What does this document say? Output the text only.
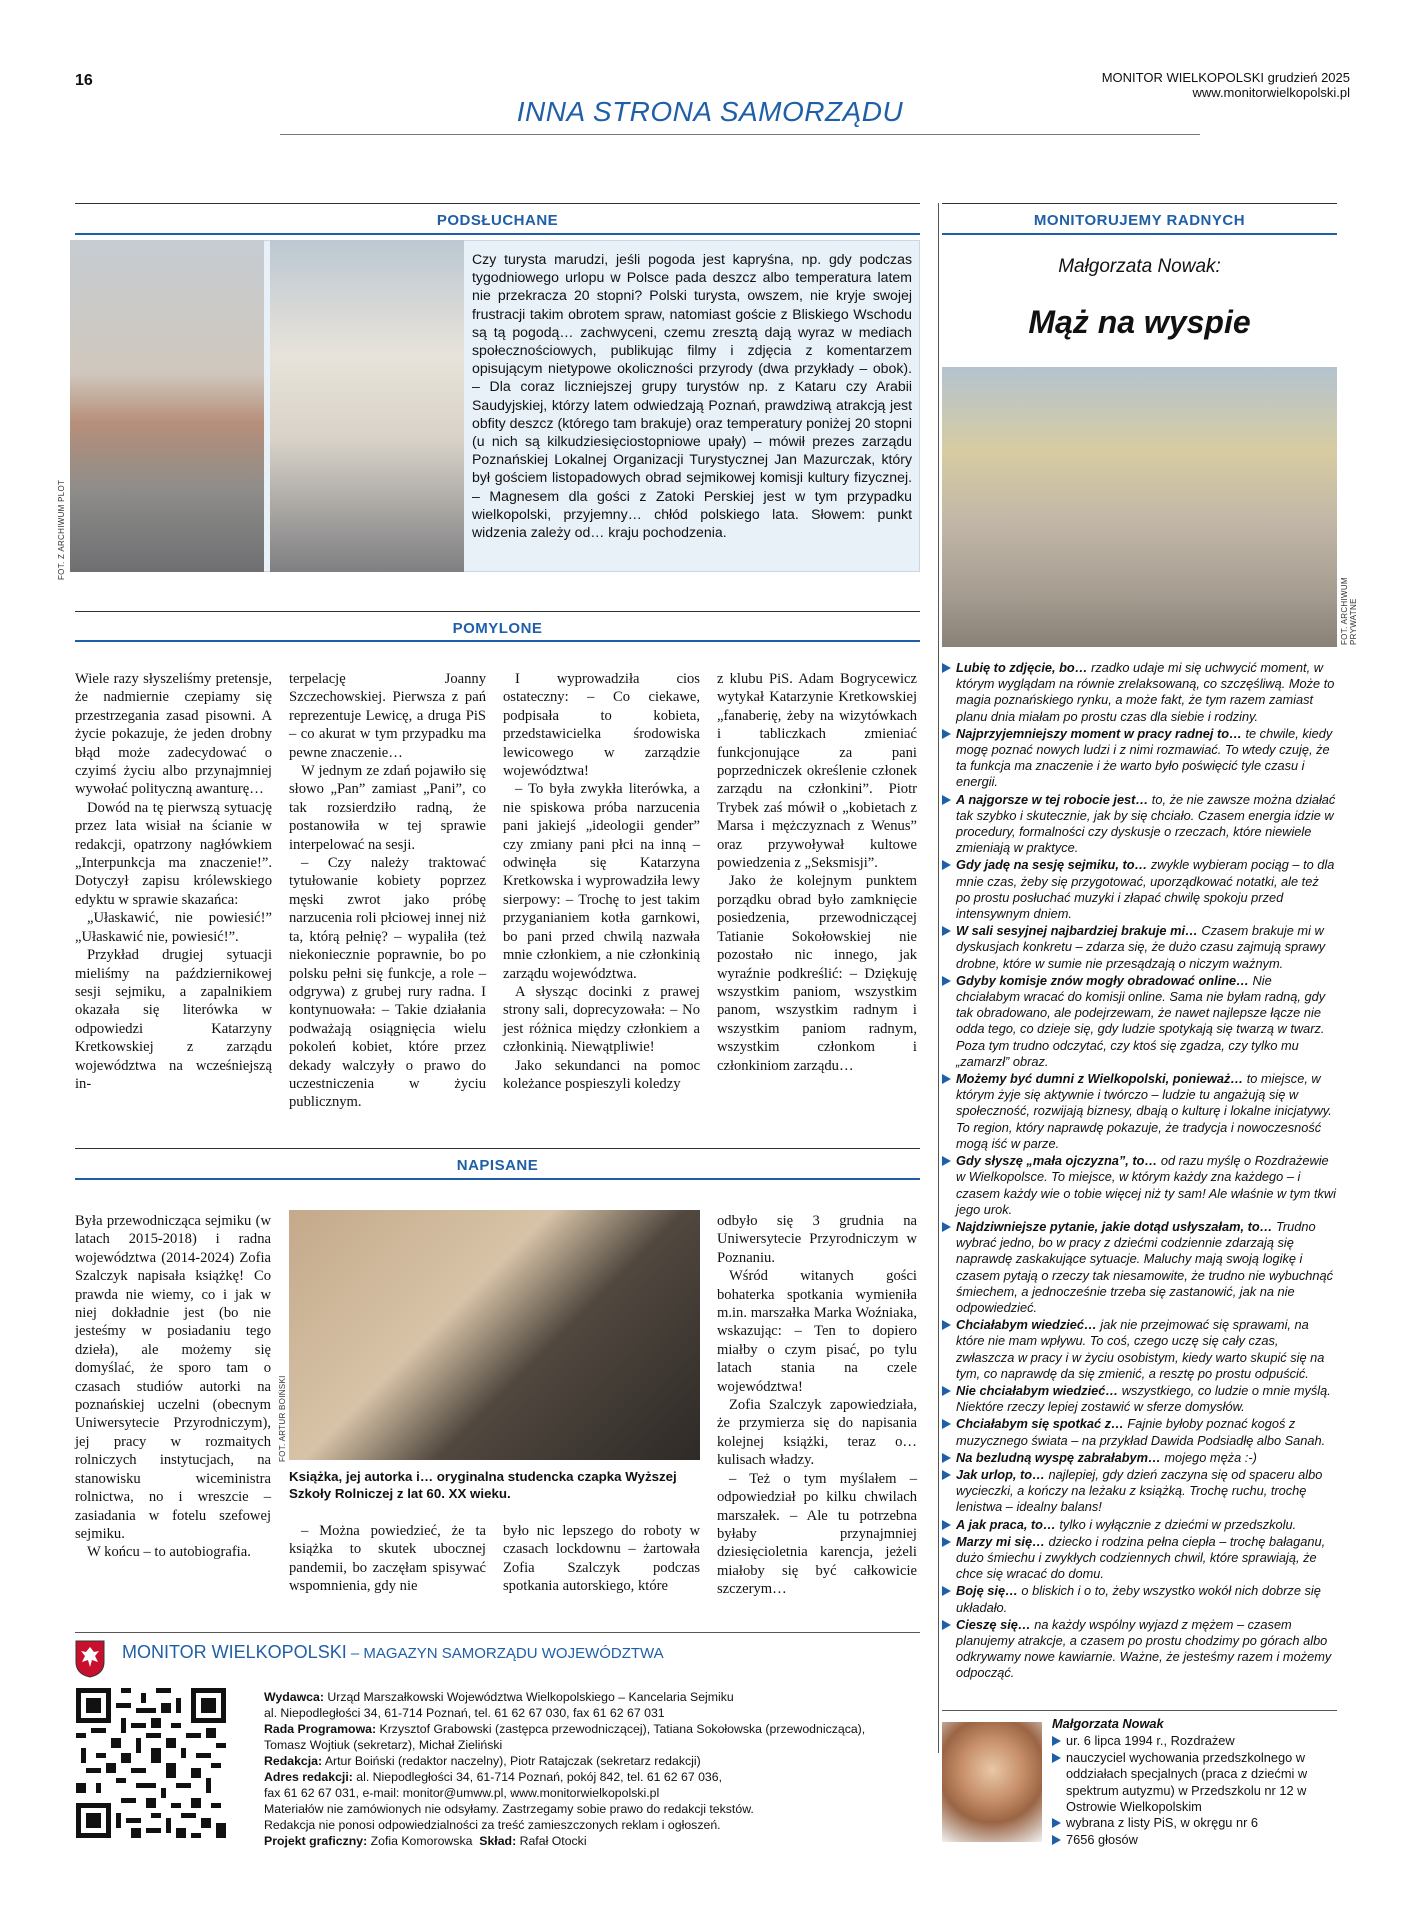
16	MONITOR WIELKOPOLSKI grudzień 2025
www.monitorwielkopolski.pl
INNA STRONA SAMORZĄDU
PODSŁUCHANE
FOT. Z ARCHIWUM PLOT
Czy turysta marudzi, jeśli pogoda jest kapryśna, np. gdy podczas tygodniowego urlopu w Polsce pada deszcz albo temperatura latem nie przekracza 20 stopni? Polski turysta, owszem, nie kryje swojej frustracji takim obrotem spraw, natomiast goście z Bliskiego Wschodu są tą pogodą… zachwyceni, czemu zresztą dają wyraz w mediach społecznościowych, publikując filmy i zdjęcia z komentarzem opisującym nietypowe okoliczności przyrody (dwa przykłady – obok). – Dla coraz liczniejszej grupy turystów np. z Kataru czy Arabii Saudyjskiej, którzy latem odwiedzają Poznań, prawdziwą atrakcją jest obfity deszcz (którego tam brakuje) oraz temperatury poniżej 20 stopni (u nich są kilkudziesięciostopniowe upały) – mówił prezes zarządu Poznańskiej Lokalnej Organizacji Turystycznej Jan Mazurczak, który był gościem listopadowych obrad sejmikowej komisji kultury fizycznej. – Magnesem dla gości z Zatoki Perskiej jest w tym przypadku wielkopolski, przyjemny… chłód polskiego lata. Słowem: punkt widzenia zależy od… kraju pochodzenia.
POMYLONE

Wiele razy słyszeliśmy pretensje, że nadmiernie czepiamy się przestrzegania zasad pisowni. A życie pokazuje, że jeden drobny błąd może zadecydować o czyimś życiu albo przynajmniej wywołać polityczną awanturę…

Dowód na tę pierwszą sytuację przez lata wisiał na ścianie w redakcji, opatrzony nagłówkiem „Interpunkcja ma znaczenie!”. Dotyczył zapisu królewskiego edyktu w sprawie skazańca:

„Ułaskawić, nie powiesić!” „Ułaskawić nie, powiesić!”.

Przykład drugiej sytuacji mieliśmy na październikowej sesji sejmiku, a zapalnikiem okazała się literówka w odpowiedzi Katarzyny Kretkowskiej z zarządu województwa na wcześniejszą in-

terpelację Joanny Szczechowskiej. Pierwsza z pań reprezentuje Lewicę, a druga PiS – co akurat w tym przypadku ma pewne znaczenie…

W jednym ze zdań pojawiło się słowo „Pan” zamiast „Pani”, co tak rozsierdziło radną, że postanowiła w tej sprawie interpelować na sesji.

– Czy należy traktować tytułowanie kobiety poprzez męski zwrot jako próbę narzucenia roli płciowej innej niż ta, którą pełnię? – wypaliła (też niekoniecznie poprawnie, bo po polsku pełni się funkcje, a role – odgrywa) z grubej rury radna. I kontynuowała: – Takie działania podważają osiągnięcia wielu pokoleń kobiet, które przez dekady walczyły o prawo do uczestniczenia w życiu publicznym.

I wyprowadziła cios ostateczny: – Co ciekawe, podpisała to kobieta, przedstawicielka środowiska lewicowego w zarządzie województwa!

– To była zwykła literówka, a nie spiskowa próba narzucenia pani jakiejś „ideologii gender” czy zmiany pani płci na inną – odwinęła się Katarzyna Kretkowska i wyprowadziła lewy sierpowy: – Trochę to jest takim przyganianiem kotła garnkowi, bo pani przed chwilą nazwała mnie członkiem, a nie członkinią zarządu województwa.

A słysząc docinki z prawej strony sali, doprecyzowała: – No jest różnica między członkiem a członkinią. Niewątpliwie!

Jako sekundanci na pomoc koleżance pospieszyli koledzy

z klubu PiS. Adam Bogrycewicz wytykał Katarzynie Kretkowskiej „fanaberię, żeby na wizytówkach i tabliczkach zmieniać funkcjonujące za pani poprzedniczek określenie członek zarządu na członkini”. Piotr Trybek zaś mówił o „kobietach z Marsa i mężczyznach z Wenus” oraz przywoływał kultowe powiedzenia z „Seksmisji”.

Jako że kolejnym punktem porządku obrad było zamknięcie posiedzenia, przewodniczącej Tatianie Sokołowskiej nie pozostało nic innego, jak wyraźnie podkreślić: – Dziękuję wszystkim paniom, wszystkim panom, wszystkim radnym i wszystkim paniom radnym, wszystkim członkom i członkiniom zarządu…

NAPISANE

Była przewodnicząca sejmiku (w latach 2015-2018) i radna województwa (2014-2024) Zofia Szalczyk napisała książkę! Co prawda nie wiemy, co i jak w niej dokładnie jest (bo nie jesteśmy w posiadaniu tego dzieła), ale możemy się domyślać, że sporo tam o czasach studiów autorki na poznańskiej uczelni (obecnym Uniwersytecie Przyrodniczym), jej pracy w rozmaitych rolniczych instytucjach, na stanowisku wiceministra rolnictwa, no i wreszcie – zasiadania w fotelu szefowej sejmiku.

W końcu – to autobiografia.

FOT. ARTUR BOIŃSKI
Książka, jej autorka i… oryginalna studencka czapka Wyższej Szkoły Rolniczej z lat 60. XX wieku.

– Można powiedzieć, że ta książka to skutek ubocznej pandemii, bo zaczęłam spisywać wspomnienia, gdy nie

było nic lepszego do roboty w czasach lockdownu – żartowała Zofia Szalczyk podczas spotkania autorskiego, które

odbyło się 3 grudnia na Uniwersytecie Przyrodniczym w Poznaniu.

Wśród witanych gości bohaterka spotkania wymieniła m.in. marszałka Marka Woźniaka, wskazując: – Ten to dopiero miałby o czym pisać, po tylu latach stania na czele województwa!

Zofia Szalczyk zapowiedziała, że przymierza się do napisania kolejnej książki, teraz o… kulisach władzy.

– Też o tym myślałem – odpowiedział po kilku chwilach marszałek. – Ale tu potrzebna byłaby przynajmniej dziesięcioletnia karencja, jeżeli miałoby się być całkowicie szczerym…

MONITORUJEMY RADNYCH
Małgorzata Nowak:
Mąż na wyspie
FOT. ARCHIWUM PRYWATNE
Lubię to zdjęcie, bo… rzadko udaje mi się uchwycić moment, w którym wyglądam na równie zrelaksowaną, co szczęśliwą. Może to magia poznańskiego rynku, a może fakt, że tym razem zamiast planu dnia miałam po prostu czas dla siebie i rodziny.
Najprzyjemniejszy moment w pracy radnej to… te chwile, kiedy mogę poznać nowych ludzi i z nimi rozmawiać. To wtedy czuję, że ta funkcja ma znaczenie i że warto było poświęcić tyle czasu i energii.
A najgorsze w tej robocie jest… to, że nie zawsze można działać tak szybko i skutecznie, jak by się chciało. Czasem energia idzie w procedury, formalności czy dyskusje o rzeczach, które niewiele zmieniają w praktyce.
Gdy jadę na sesję sejmiku, to… zwykle wybieram pociąg – to dla mnie czas, żeby się przygotować, uporządkować notatki, ale też po prostu posłuchać muzyki i złapać chwilę spokoju przed intensywnym dniem.
W sali sesyjnej najbardziej brakuje mi… Czasem brakuje mi w dyskusjach konkretu – zdarza się, że dużo czasu zajmują sprawy drobne, które w sumie nie przesądzają o niczym ważnym.
Gdyby komisje znów mogły obradować online… Nie chciałabym wracać do komisji online. Sama nie byłam radną, gdy tak obradowano, ale podejrzewam, że nawet najlepsze łącze nie odda tego, co dzieje się, gdy ludzie spotykają się twarzą w twarz. Poza tym trudno odczytać, czy ktoś się zgadza, czy tylko mu „zamarzł” obraz.
Możemy być dumni z Wielkopolski, ponieważ… to miejsce, w którym żyje się aktywnie i twórczo – ludzie tu angażują się w społeczność, rozwijają biznesy, dbają o kulturę i lokalne inicjatywy. To region, który naprawdę pokazuje, że tradycja i nowoczesność mogą iść w parze.
Gdy słyszę „mała ojczyzna”, to… od razu myślę o Rozdrażewie w Wielkopolsce. To miejsce, w którym każdy zna każdego – i czasem każdy wie o tobie więcej niż ty sam! Ale właśnie w tym tkwi jego urok.
Najdziwniejsze pytanie, jakie dotąd usłyszałam, to… Trudno wybrać jedno, bo w pracy z dziećmi codziennie zdarzają się naprawdę zaskakujące sytuacje. Maluchy mają swoją logikę i czasem pytają o rzeczy tak niesamowite, że trudno nie wybuchnąć śmiechem, a jednocześnie trzeba się zastanowić, jak na nie odpowiedzieć.
Chciałabym wiedzieć… jak nie przejmować się sprawami, na które nie mam wpływu. To coś, czego uczę się cały czas, zwłaszcza w pracy i w życiu osobistym, kiedy warto skupić się na tym, co naprawdę da się zmienić, a resztę po prostu odpuścić.
Nie chciałabym wiedzieć… wszystkiego, co ludzie o mnie myślą. Niektóre rzeczy lepiej zostawić w sferze domysłów.
Chciałabym się spotkać z… Fajnie byłoby poznać kogoś z muzycznego świata – na przykład Dawida Podsiadłę albo Sanah.
Na bezludną wyspę zabrałabym… mojego męża :-)
Jak urlop, to… najlepiej, gdy dzień zaczyna się od spaceru albo wycieczki, a kończy na leżaku z książką. Trochę ruchu, trochę lenistwa – idealny balans!
A jak praca, to… tylko i wyłącznie z dziećmi w przedszkolu.
Marzy mi się… dziecko i rodzina pełna ciepła – trochę bałaganu, dużo śmiechu i zwykłych codziennych chwil, które sprawiają, że chce się wracać do domu.
Boję się… o bliskich i o to, żeby wszystko wokół nich dobrze się układało.
Cieszę się… na każdy wspólny wyjazd z mężem – czasem planujemy atrakcje, a czasem po prostu chodzimy po górach albo odkrywamy nowe kawiarnie. Ważne, że jesteśmy razem i możemy odpocząć.
Małgorzata Nowak
ur. 6 lipca 1994 r., Rozdrażew
nauczyciel wychowania przedszkolnego w oddziałach specjalnych (praca z dziećmi w spektrum autyzmu) w Przedszkolu nr 12 w Ostrowie Wielkopolskim
wybrana z listy PiS, w okręgu nr 6
7656 głosów
MONITOR WIELKOPOLSKI – MAGAZYN SAMORZĄDU WOJEWÓDZTWA
Wydawca: Urząd Marszałkowski Województwa Wielkopolskiego – Kancelaria Sejmiku
al. Niepodległości 34, 61-714 Poznań, tel. 61 62 67 030, fax 61 62 67 031
Rada Programowa: Krzysztof Grabowski (zastępca przewodniczącej), Tatiana Sokołowska (przewodnicząca),
Tomasz Wojtiuk (sekretarz), Michał Zieliński
Redakcja: Artur Boiński (redaktor naczelny), Piotr Ratajczak (sekretarz redakcji)
Adres redakcji: al. Niepodległości 34, 61-714 Poznań, pokój 842, tel. 61 62 67 036,
fax 61 62 67 031, e-mail: monitor@umww.pl, www.monitorwielkopolski.pl
Materiałów nie zamówionych nie odsyłamy. Zastrzegamy sobie prawo do redakcji tekstów.
Redakcja nie ponosi odpowiedzialności za treść zamieszczonych reklam i ogłoszeń.
Projekt graficzny: Zofia Komorowska  Skład: Rafał Otocki
